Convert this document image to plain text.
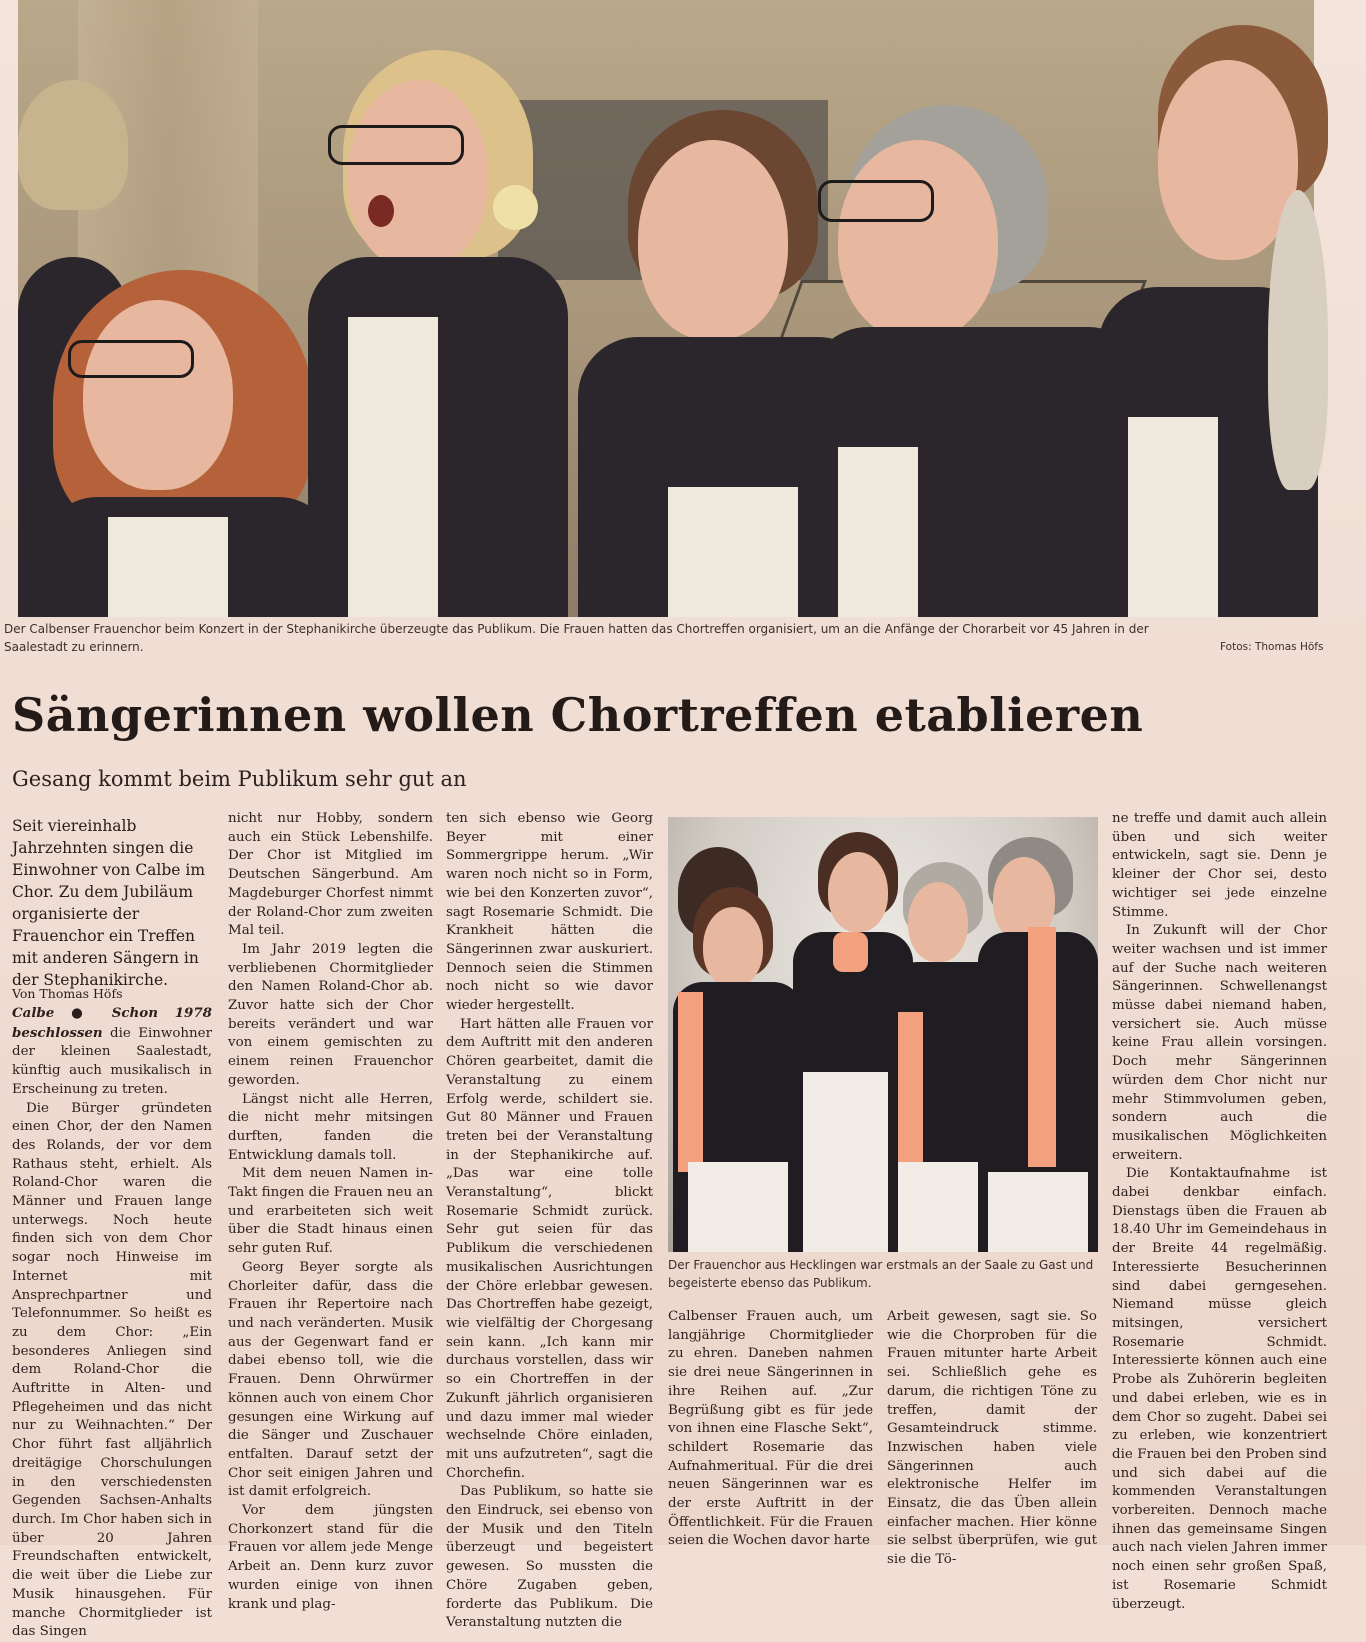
Der Calbenser Frauenchor beim Konzert in der Stephanikirche überzeugte das Publikum. Die Frauen hatten das Chortreffen organisiert, um an die Anfänge der Chorarbeit vor 45 Jahren in der Saalestadt zu erinnern.	Fotos: Thomas Höfs
Sängerinnen wollen Chortreffen etablieren
Gesang kommt beim Publikum sehr gut an
Seit viereinhalb Jahrzehnten singen die Einwohner von Calbe im Chor. Zu dem Jubiläum organisierte der Frauenchor ein Treffen mit anderen Sängern in der Stephanikirche.
Von Thomas Höfs

Calbe ● Schon 1978 beschlossen die Einwohner der kleinen Saalestadt, künftig auch musikalisch in Erscheinung zu treten.

Die Bürger gründeten einen Chor, der den Namen des Rolands, der vor dem Rathaus steht, erhielt. Als Roland-Chor waren die Männer und Frauen lange unterwegs. Noch heute finden sich von dem Chor sogar noch Hinweise im Internet mit Ansprechpartner und Telefonnummer. So heißt es zu dem Chor: „Ein besonderes Anliegen sind dem Roland-Chor die Auftritte in Alten- und Pflegeheimen und das nicht nur zu Weihnachten.“ Der Chor führt fast alljährlich dreitägige Chorschulungen in den verschiedensten Gegenden Sachsen-Anhalts durch. Im Chor haben sich in über 20 Jahren Freundschaften entwickelt, die weit über die Liebe zur Musik hinausgehen. Für manche Chormitglieder ist das Singen

nicht nur Hobby, sondern auch ein Stück Lebenshilfe. Der Chor ist Mitglied im Deutschen Sängerbund. Am Magdeburger Chorfest nimmt der Roland-Chor zum zweiten Mal teil.

Im Jahr 2019 legten die verbliebenen Chormitglieder den Namen Roland-Chor ab. Zuvor hatte sich der Chor bereits verändert und war von einem gemischten zu einem reinen Frauenchor geworden.

Längst nicht alle Herren, die nicht mehr mitsingen durften, fanden die Entwicklung damals toll.

Mit dem neuen Namen in-Takt fingen die Frauen neu an und erarbeiteten sich weit über die Stadt hinaus einen sehr guten Ruf.

Georg Beyer sorgte als Chorleiter dafür, dass die Frauen ihr Repertoire nach und nach veränderten. Musik aus der Gegenwart fand er dabei ebenso toll, wie die Frauen. Denn Ohrwürmer können auch von einem Chor gesungen eine Wirkung auf die Sänger und Zuschauer entfalten. Darauf setzt der Chor seit einigen Jahren und ist damit erfolgreich.

Vor dem jüngsten Chorkonzert stand für die Frauen vor allem jede Menge Arbeit an. Denn kurz zuvor wurden einige von ihnen krank und plag-

ten sich ebenso wie Georg Beyer mit einer Sommergrippe herum. „Wir waren noch nicht so in Form, wie bei den Konzerten zuvor“, sagt Rosemarie Schmidt. Die Krankheit hätten die Sängerinnen zwar auskuriert. Dennoch seien die Stimmen noch nicht so wie davor wieder hergestellt.

Hart hätten alle Frauen vor dem Auftritt mit den anderen Chören gearbeitet, damit die Veranstaltung zu einem Erfolg werde, schildert sie. Gut 80 Männer und Frauen treten bei der Veranstaltung in der Stephanikirche auf. „Das war eine tolle Veranstaltung“, blickt Rosemarie Schmidt zurück. Sehr gut seien für das Publikum die verschiedenen musikalischen Ausrichtungen der Chöre erlebbar gewesen. Das Chortreffen habe gezeigt, wie vielfältig der Chorgesang sein kann. „Ich kann mir durchaus vorstellen, dass wir so ein Chortreffen in der Zukunft jährlich organisieren und dazu immer mal wieder wechselnde Chöre einladen, mit uns aufzutreten“, sagt die Chorchefin.

Das Publikum, so hatte sie den Eindruck, sei ebenso von der Musik und den Titeln überzeugt und begeistert gewesen. So mussten die Chöre Zugaben geben, forderte das Publikum. Die Veranstaltung nutzten die

Der Frauenchor aus Hecklingen war erstmals an der Saale zu Gast und begeisterte ebenso das Publikum.

Calbenser Frauen auch, um langjährige Chormitglieder zu ehren. Daneben nahmen sie drei neue Sängerinnen in ihre Reihen auf. „Zur Begrüßung gibt es für jede von ihnen eine Flasche Sekt“, schildert Rosemarie das Aufnahmeritual. Für die drei neuen Sängerinnen war es der erste Auftritt in der Öffentlichkeit. Für die Frauen seien die Wochen davor harte

Arbeit gewesen, sagt sie. So wie die Chorproben für die Frauen mitunter harte Arbeit sei. Schließlich gehe es darum, die richtigen Töne zu treffen, damit der Gesamteindruck stimme. Inzwischen haben viele Sängerinnen auch elektronische Helfer im Einsatz, die das Üben allein einfacher machen. Hier könne sie selbst überprüfen, wie gut sie die Tö-

ne treffe und damit auch allein üben und sich weiter entwickeln, sagt sie. Denn je kleiner der Chor sei, desto wichtiger sei jede einzelne Stimme.

In Zukunft will der Chor weiter wachsen und ist immer auf der Suche nach weiteren Sängerinnen. Schwellenangst müsse dabei niemand haben, versichert sie. Auch müsse keine Frau allein vorsingen. Doch mehr Sängerinnen würden dem Chor nicht nur mehr Stimmvolumen geben, sondern auch die musikalischen Möglichkeiten erweitern.

Die Kontaktaufnahme ist dabei denkbar einfach. Dienstags üben die Frauen ab 18.40 Uhr im Gemeindehaus in der Breite 44 regelmäßig. Interessierte Besucherinnen sind dabei gerngesehen. Niemand müsse gleich mitsingen, versichert Rosemarie Schmidt. Interessierte können auch eine Probe als Zuhörerin begleiten und dabei erleben, wie es in dem Chor so zugeht. Dabei sei zu erleben, wie konzentriert die Frauen bei den Proben sind und sich dabei auf die kommenden Veranstaltungen vorbereiten. Dennoch mache ihnen das gemeinsame Singen auch nach vielen Jahren immer noch einen sehr großen Spaß, ist Rosemarie Schmidt überzeugt.
